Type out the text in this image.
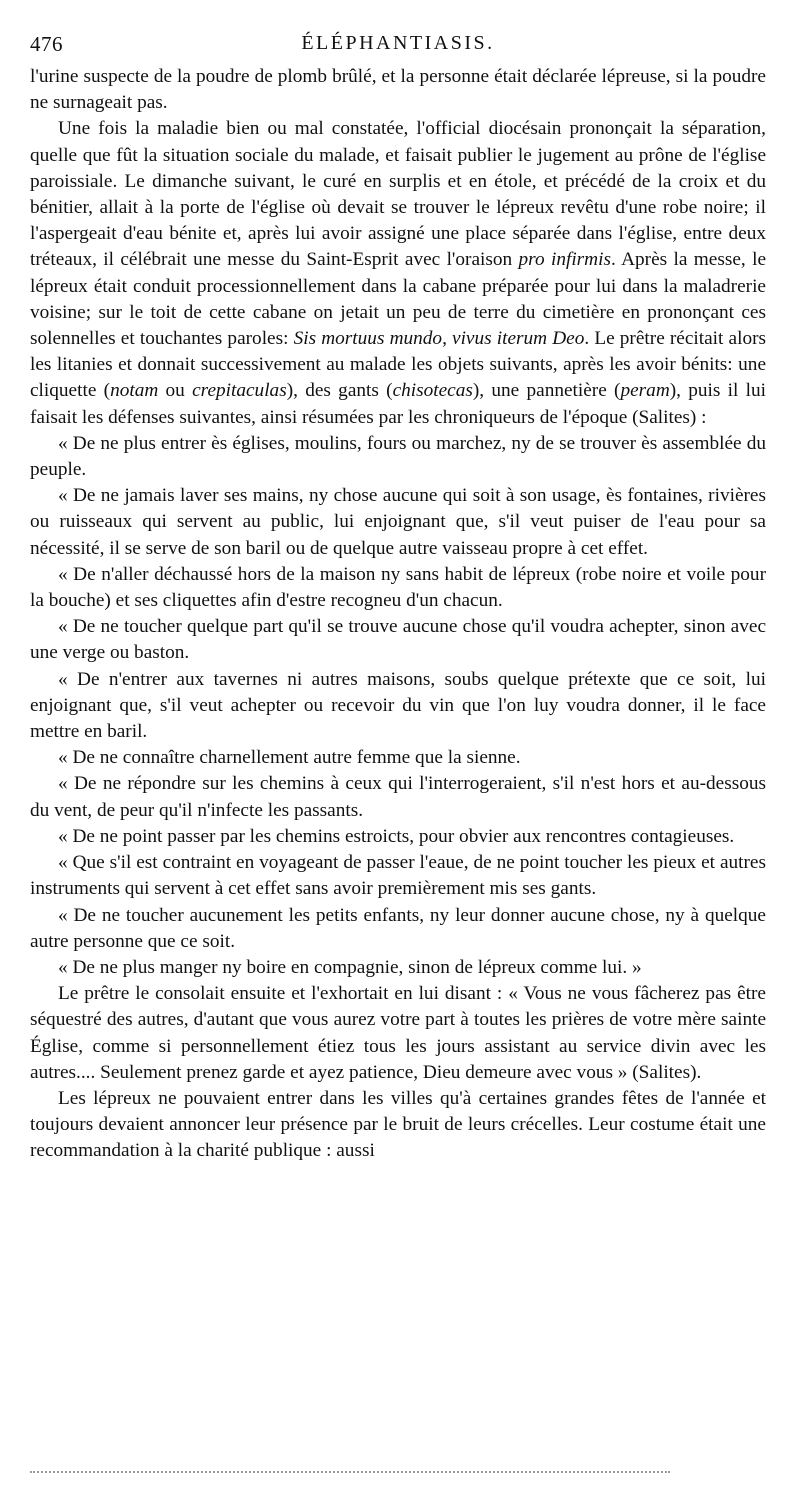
476	ÉLÉPHANTIASIS.

l'urine suspecte de la poudre de plomb brûlé, et la personne était déclarée lépreuse, si la poudre ne surnageait pas.

Une fois la maladie bien ou mal constatée, l'official diocésain prononçait la séparation, quelle que fût la situation sociale du malade, et faisait publier le jugement au prône de l'église paroissiale. Le dimanche suivant, le curé en surplis et en étole, et précédé de la croix et du bénitier, allait à la porte de l'église où devait se trouver le lépreux revêtu d'une robe noire; il l'aspergeait d'eau bénite et, après lui avoir assigné une place séparée dans l'église, entre deux tréteaux, il célébrait une messe du Saint-Esprit avec l'oraison pro infirmis. Après la messe, le lépreux était conduit processionnellement dans la cabane préparée pour lui dans la maladrerie voisine; sur le toit de cette cabane on jetait un peu de terre du cimetière en prononçant ces solennelles et touchantes paroles: Sis mortuus mundo, vivus iterum Deo. Le prêtre récitait alors les litanies et donnait successivement au malade les objets suivants, après les avoir bénits: une cliquette (notam ou crepitaculas), des gants (chisotecas), une pannetière (peram), puis il lui faisait les défenses suivantes, ainsi résumées par les chroniqueurs de l'époque (Salites) :

« De ne plus entrer ès églises, moulins, fours ou marchez, ny de se trouver ès assemblée du peuple.

« De ne jamais laver ses mains, ny chose aucune qui soit à son usage, ès fontaines, rivières ou ruisseaux qui servent au public, lui enjoignant que, s'il veut puiser de l'eau pour sa nécessité, il se serve de son baril ou de quelque autre vaisseau propre à cet effet.

« De n'aller déchaussé hors de la maison ny sans habit de lépreux (robe noire et voile pour la bouche) et ses cliquettes afin d'estre recogneu d'un chacun.

« De ne toucher quelque part qu'il se trouve aucune chose qu'il voudra achepter, sinon avec une verge ou baston.

« De n'entrer aux tavernes ni autres maisons, soubs quelque prétexte que ce soit, lui enjoignant que, s'il veut achepter ou recevoir du vin que l'on luy voudra donner, il le face mettre en baril.

« De ne connaître charnellement autre femme que la sienne.

« De ne répondre sur les chemins à ceux qui l'interrogeraient, s'il n'est hors et au-dessous du vent, de peur qu'il n'infecte les passants.

« De ne point passer par les chemins estroicts, pour obvier aux rencontres contagieuses.

« Que s'il est contraint en voyageant de passer l'eaue, de ne point toucher les pieux et autres instruments qui servent à cet effet sans avoir premièrement mis ses gants.

« De ne toucher aucunement les petits enfants, ny leur donner aucune chose, ny à quelque autre personne que ce soit.

« De ne plus manger ny boire en compagnie, sinon de lépreux comme lui. »

Le prêtre le consolait ensuite et l'exhortait en lui disant : « Vous ne vous fâcherez pas être séquestré des autres, d'autant que vous aurez votre part à toutes les prières de votre mère sainte Église, comme si personnellement étiez tous les jours assistant au service divin avec les autres.... Seulement prenez garde et ayez patience, Dieu demeure avec vous » (Salites).

Les lépreux ne pouvaient entrer dans les villes qu'à certaines grandes fêtes de l'année et toujours devaient annoncer leur présence par le bruit de leurs crécelles. Leur costume était une recommandation à la charité publique : aussi
